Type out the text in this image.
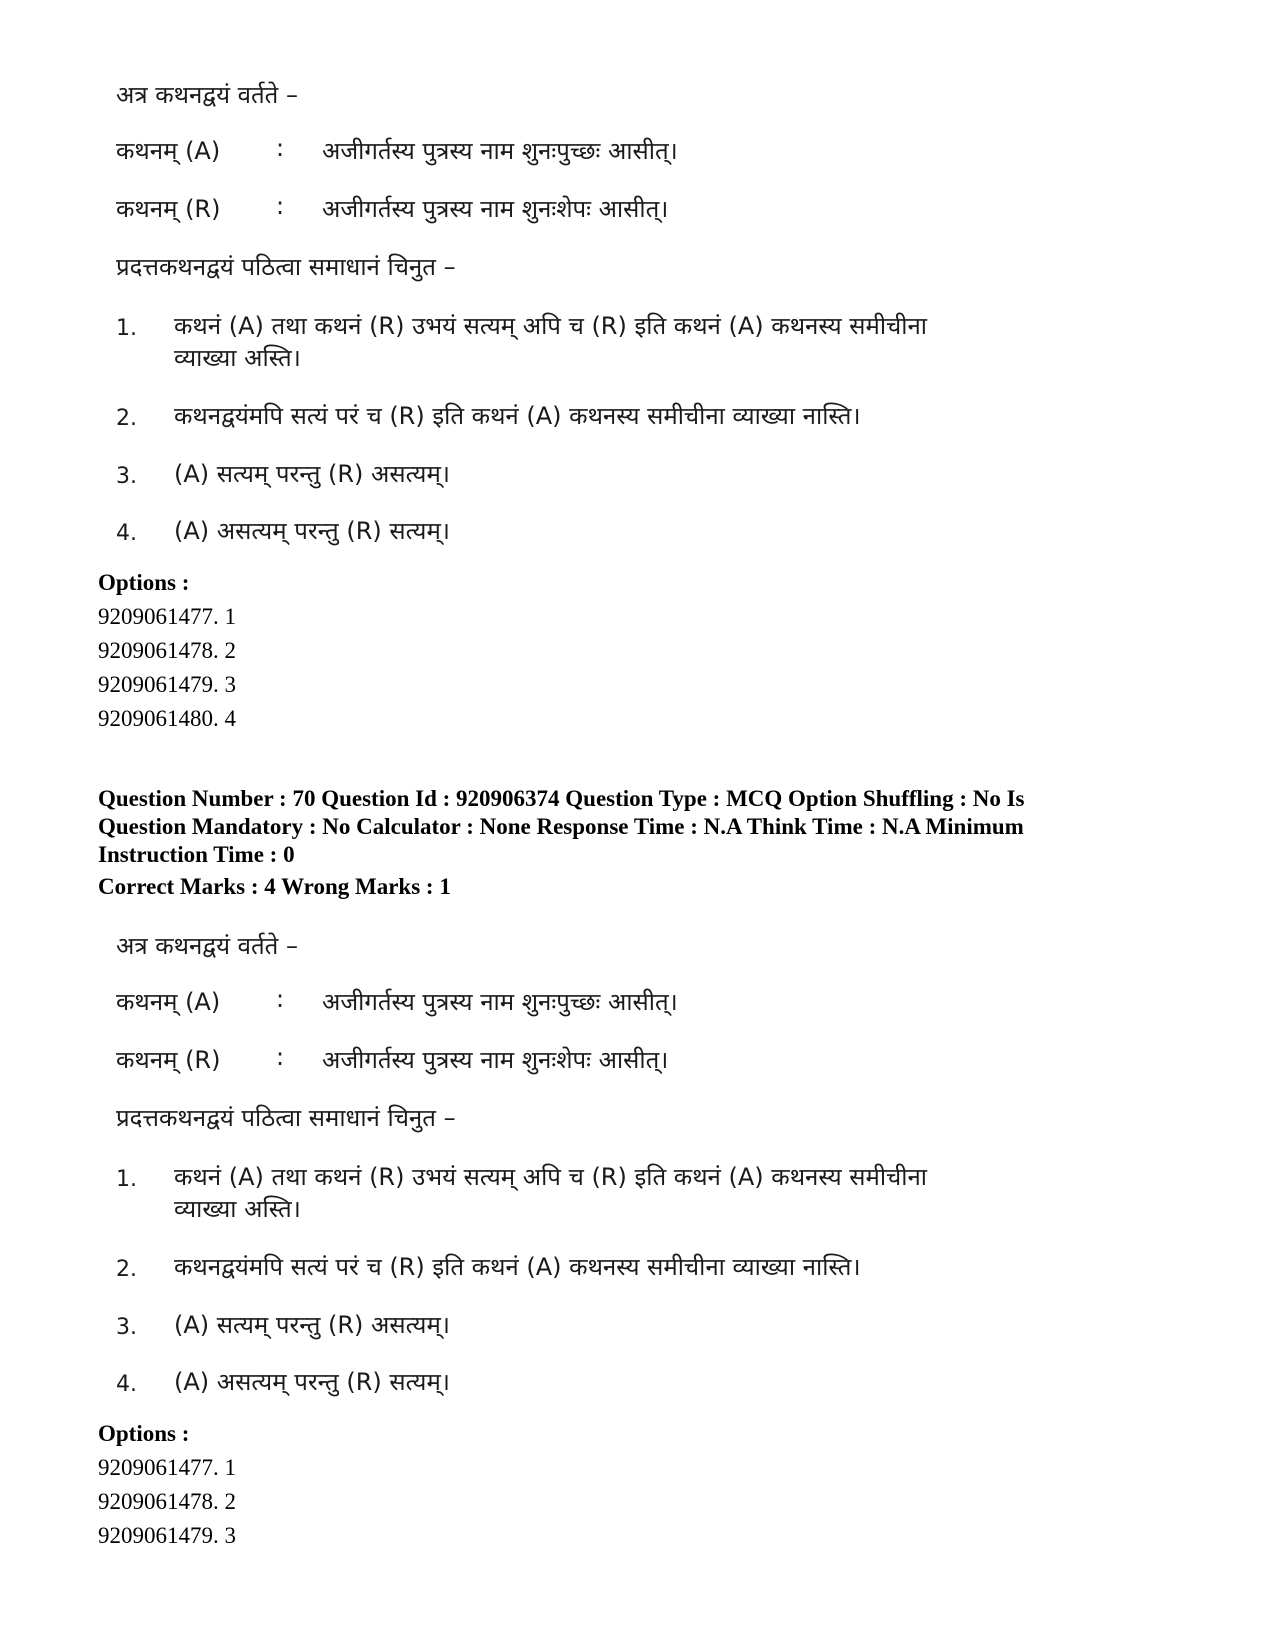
अत्र कथनद्वयं वर्तते –
कथनम् (A) : अजीगर्तस्य पुत्रस्य नाम शुनःपुच्छः आसीत्।
कथनम् (R) : अजीगर्तस्य पुत्रस्य नाम शुनःशेपः आसीत्।
प्रदत्तकथनद्वयं पठित्वा समाधानं चिनुत –
1. कथनं (A) तथा कथनं (R) उभयं सत्यम् अपि च (R) इति कथनं (A) कथनस्य समीचीना व्याख्या अस्ति।
2. कथनद्वयंमपि सत्यं परं च (R) इति कथनं (A) कथनस्य समीचीना व्याख्या नास्ति।
3. (A) सत्यम् परन्तु (R) असत्यम्।
4. (A) असत्यम् परन्तु (R) सत्यम्।
Options :
9209061477. 1
9209061478. 2
9209061479. 3
9209061480. 4
Question Number : 70 Question Id : 920906374 Question Type : MCQ Option Shuffling : No Is Question Mandatory : No Calculator : None Response Time : N.A Think Time : N.A Minimum Instruction Time : 0
Correct Marks : 4 Wrong Marks : 1
अत्र कथनद्वयं वर्तते –
कथनम् (A) : अजीगर्तस्य पुत्रस्य नाम शुनःपुच्छः आसीत्।
कथनम् (R) : अजीगर्तस्य पुत्रस्य नाम शुनःशेपः आसीत्।
प्रदत्तकथनद्वयं पठित्वा समाधानं चिनुत –
1. कथनं (A) तथा कथनं (R) उभयं सत्यम् अपि च (R) इति कथनं (A) कथनस्य समीचीना व्याख्या अस्ति।
2. कथनद्वयंमपि सत्यं परं च (R) इति कथनं (A) कथनस्य समीचीना व्याख्या नास्ति।
3. (A) सत्यम् परन्तु (R) असत्यम्।
4. (A) असत्यम् परन्तु (R) सत्यम्।
Options :
9209061477. 1
9209061478. 2
9209061479. 3
